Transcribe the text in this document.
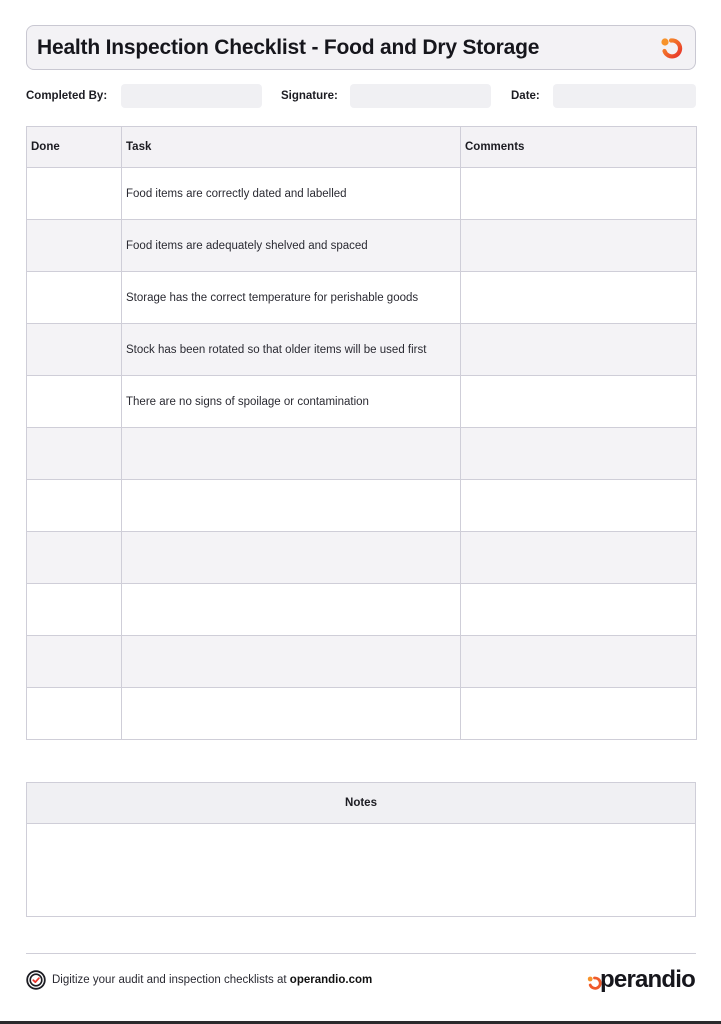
Health Inspection Checklist - Food and Dry Storage
Completed By:	Signature:	Date:
Done	Task	Comments
	Food items are correctly dated and labelled	
	Food items are adequately shelved and spaced	
	Storage has the correct temperature for perishable goods	
	Stock has been rotated so that older items will be used first	
	There are no signs of spoilage or contamination	

Notes
Digitize your audit and inspection checklists at operandio.com	perandio
